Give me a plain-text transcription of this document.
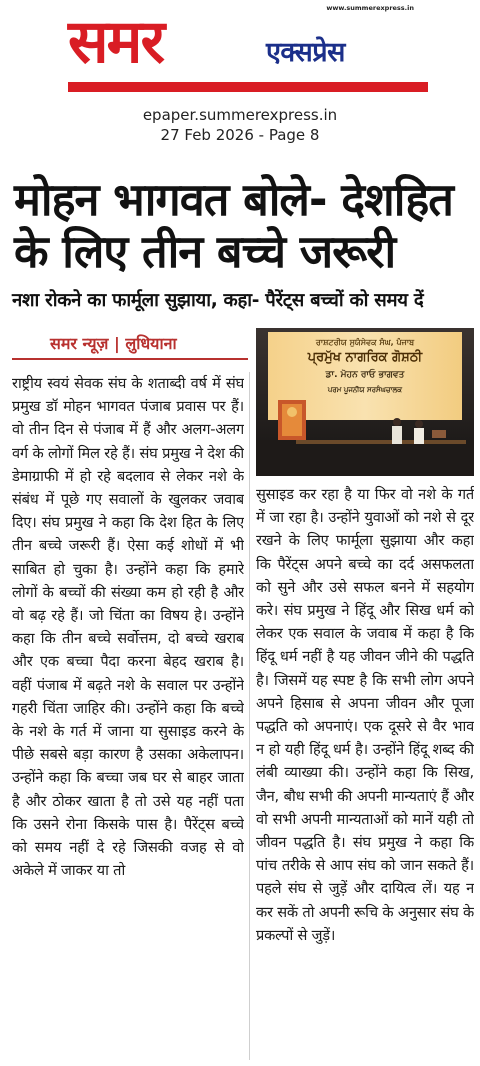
www.summerexpress.in
समर	एक्सप्रेस
epaper.summerexpress.in
27 Feb 2026 - Page 8
मोहन भागवत बोले- देशहित
के लिए तीन बच्चे जरूरी
नशा रोकने का फार्मूला सुझाया, कहा- पैरेंट्स बच्चों को समय दें
समर न्यूज़ | लुधियाना	ਰਾਸ਼ਟਰੀਯ ਸੁਯੰਸੇਵਕ ਸੰਘ, ਪੰਜਾਬ
ਪ੍ਰਮੁੱਖ ਨਾਗਰਿਕ ਗੋਸ਼ਠੀ
ਡਾ. ਮੋਹਨ ਰਾਓ ਭਾਗਵਤ
ਪਰਮ ਪੂਜਨੀਯ ਸਰਸੰਘਚਾਲਕ
राष्ट्रीय स्वयं सेवक संघ के शताब्दी वर्ष में संघ प्रमुख डॉ मोहन भागवत पंजाब प्रवास पर हैं। वो तीन दिन से पंजाब में हैं और अलग-अलग वर्ग के लोगों मिल रहे हैं। संघ प्रमुख ने देश की डेमाग्राफी में हो रहे बदलाव से लेकर नशे के संबंध में पूछे गए सवालों के खुलकर जवाब दिए। संघ प्रमुख ने कहा कि देश हित के लिए तीन बच्चे जरूरी हैं। ऐसा कई शोधों में भी साबित हो चुका है। उन्होंने कहा कि हमारे लोगों के बच्चों की संख्या कम हो रही है और वो बढ़ रहे हैं। जो चिंता का विषय हे। उन्होंने कहा कि तीन बच्चे सर्वोत्तम, दो बच्चे खराब और एक बच्चा पैदा करना बेहद खराब है। वहीं पंजाब में बढ़ते नशे के सवाल पर उन्होंने गहरी चिंता जाहिर की। उन्होंने कहा कि बच्चे के नशे के गर्त में जाना या सुसाइड करने के पीछे सबसे बड़ा कारण है उसका अकेलापन। उन्होंने कहा कि बच्चा जब घर से बाहर जाता है और ठोकर खाता है तो उसे यह नहीं पता कि उसने रोना किसके पास है। पैरेंट्स बच्चे को समय नहीं दे रहे जिसकी वजह से वो अकेले में जाकर या तो
सुसाइड कर रहा है या फिर वो नशे के गर्त में जा रहा है। उन्होंने युवाओं को नशे से दूर रखने के लिए फार्मूला सुझाया और कहा कि पैरेंट्स अपने बच्चे का दर्द असफलता को सुने और उसे सफल बनने में सहयोग करे। संघ प्रमुख ने हिंदू और सिख धर्म को लेकर एक सवाल के जवाब में कहा है कि हिंदू धर्म नहीं है यह जीवन जीने की पद्धति है। जिसमें यह स्पष्ट है कि सभी लोग अपने अपने हिसाब से अपना जीवन और पूजा पद्धति को अपनाएं। एक दूसरे से वैर भाव न हो यही हिंदू धर्म है। उन्होंने हिंदू शब्द की लंबी व्याख्या की। उन्होंने कहा कि सिख, जैन, बौध सभी की अपनी मान्यताएं हैं और वो सभी अपनी मान्यताओं को मानें यही तो जीवन पद्धति है। संघ प्रमुख ने कहा कि पांच तरीके से आप संघ को जान सकते हैं। पहले संघ से जुड़ें और दायित्व लें। यह न कर सकें तो अपनी रूचि के अनुसार संघ के प्रकल्पों से जुड़ें।
